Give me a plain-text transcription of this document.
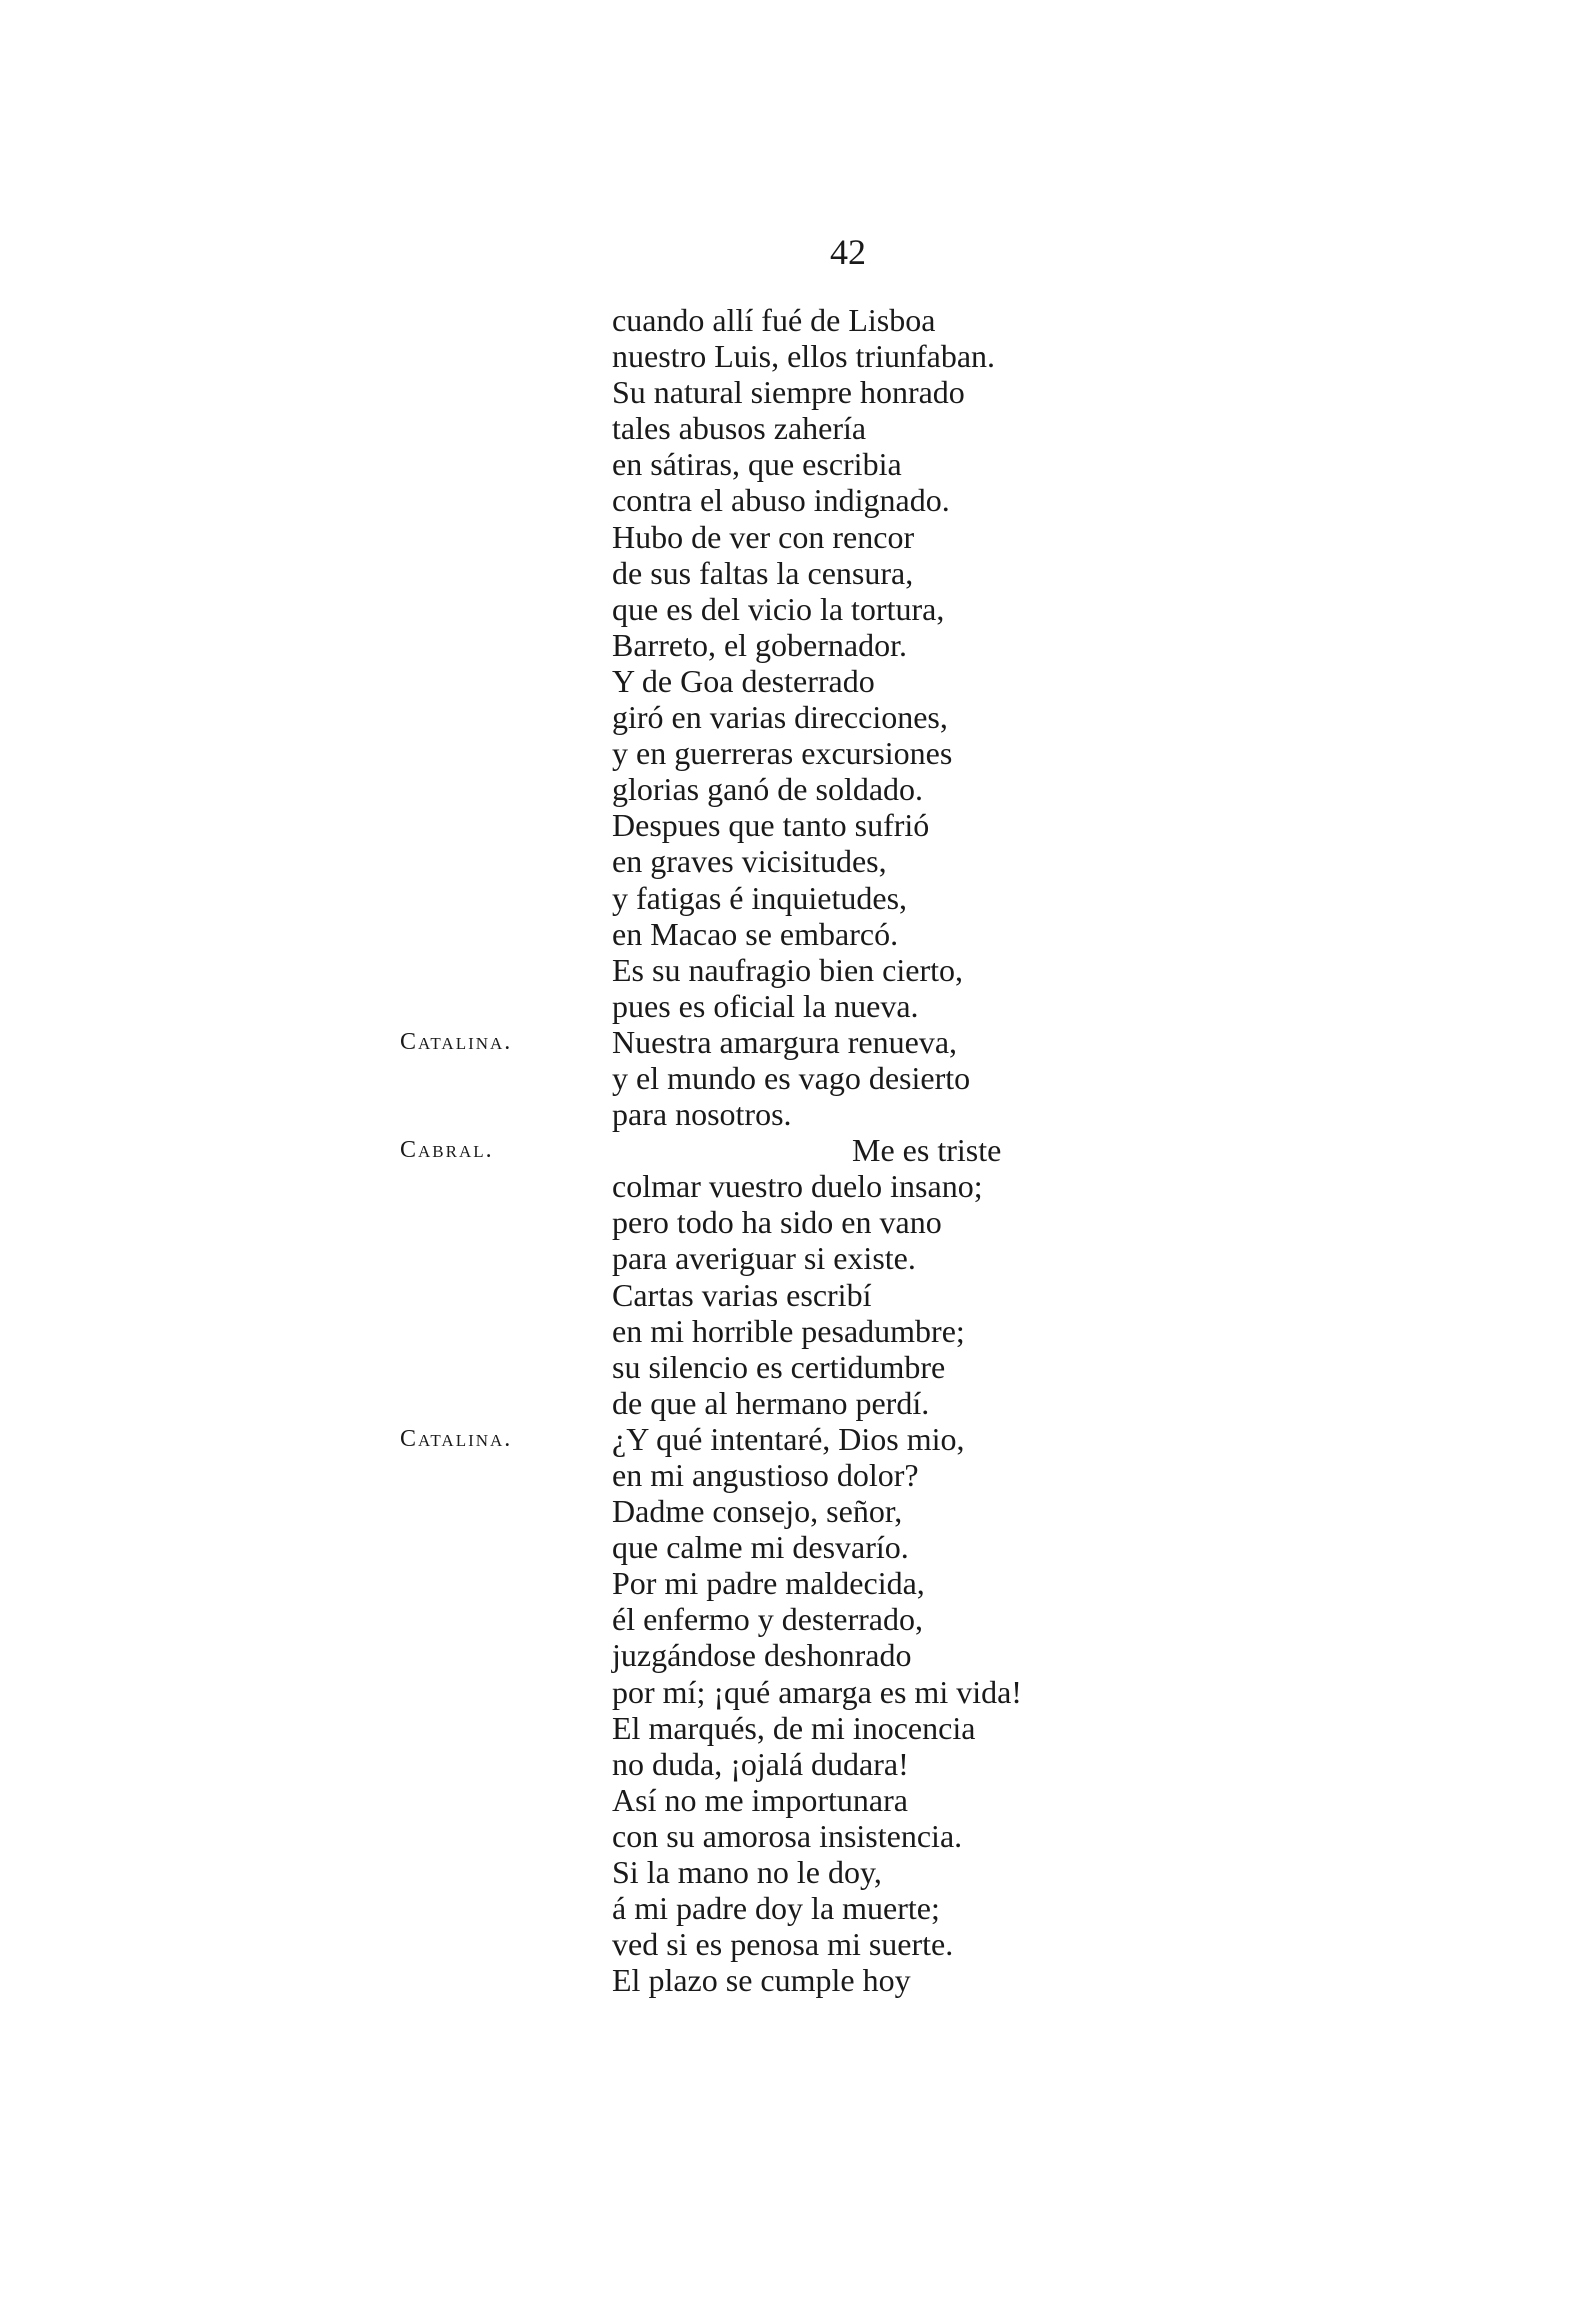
42
cuando allí fué de Lisboa
nuestro Luis, ellos triunfaban.
Su natural siempre honrado
tales abusos zahería
en sátiras, que escribia
contra el abuso indignado.
Hubo de ver con rencor
de sus faltas la censura,
que es del vicio la tortura,
Barreto, el gobernador.
Y de Goa desterrado
giró en varias direcciones,
y en guerreras excursiones
glorias ganó de soldado.
Despues que tanto sufrió
en graves vicisitudes,
y fatigas é inquietudes,
en Macao se embarcó.
Es su naufragio bien cierto,
pues es oficial la nueva.
Catalina.	Nuestra amargura renueva,
y el mundo es vago desierto
para nosotros.
Cabral.	Me es triste
colmar vuestro duelo insano;
pero todo ha sido en vano
para averiguar si existe.
Cartas varias escribí
en mi horrible pesadumbre;
su silencio es certidumbre
de que al hermano perdí.
Catalina.	¿Y qué intentaré, Dios mio,
en mi angustioso dolor?
Dadme consejo, señor,
que calme mi desvarío.
Por mi padre maldecida,
él enfermo y desterrado,
juzgándose deshonrado
por mí; ¡qué amarga es mi vida!
El marqués, de mi inocencia
no duda, ¡ojalá dudara!
Así no me importunara
con su amorosa insistencia.
Si la mano no le doy,
á mi padre doy la muerte;
ved si es penosa mi suerte.
El plazo se cumple hoy
